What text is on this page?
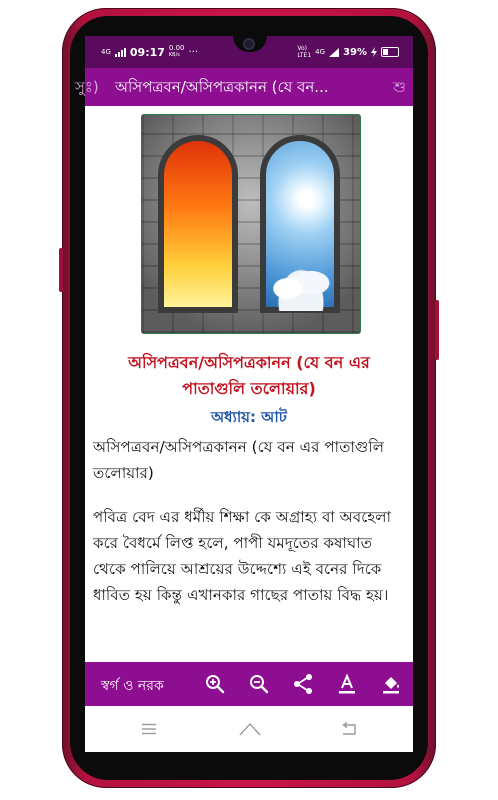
4G 09:17 0.00
KB/s ···	Vo)
LTE1 4G 39%
সুঃ) অসিপত্রবন/অসিপত্রকানন (যে বন...	শু
অসিপত্রবন/অসিপত্রকানন (যে বন এর পাতাগুলি তলোয়ার)
অধ্যায়: আট

অসিপত্রবন/অসিপত্রকানন (যে বন এর পাতাগুলি তলোয়ার)

পবিত্র বেদ এর ধর্মীয় শিক্ষা কে অগ্রাহ্য বা অবহেলা করে বৈধর্মে লিপ্ত হলে, পাপী যমদূতের কষাঘাত থেকে পালিয়ে আশ্রয়ের উদ্দেশ্যে এই বনের দিকে ধাবিত হয় কিন্তু এখানকার গাছের পাতায় বিদ্ধ হয়।

স্বর্গ ও নরক
